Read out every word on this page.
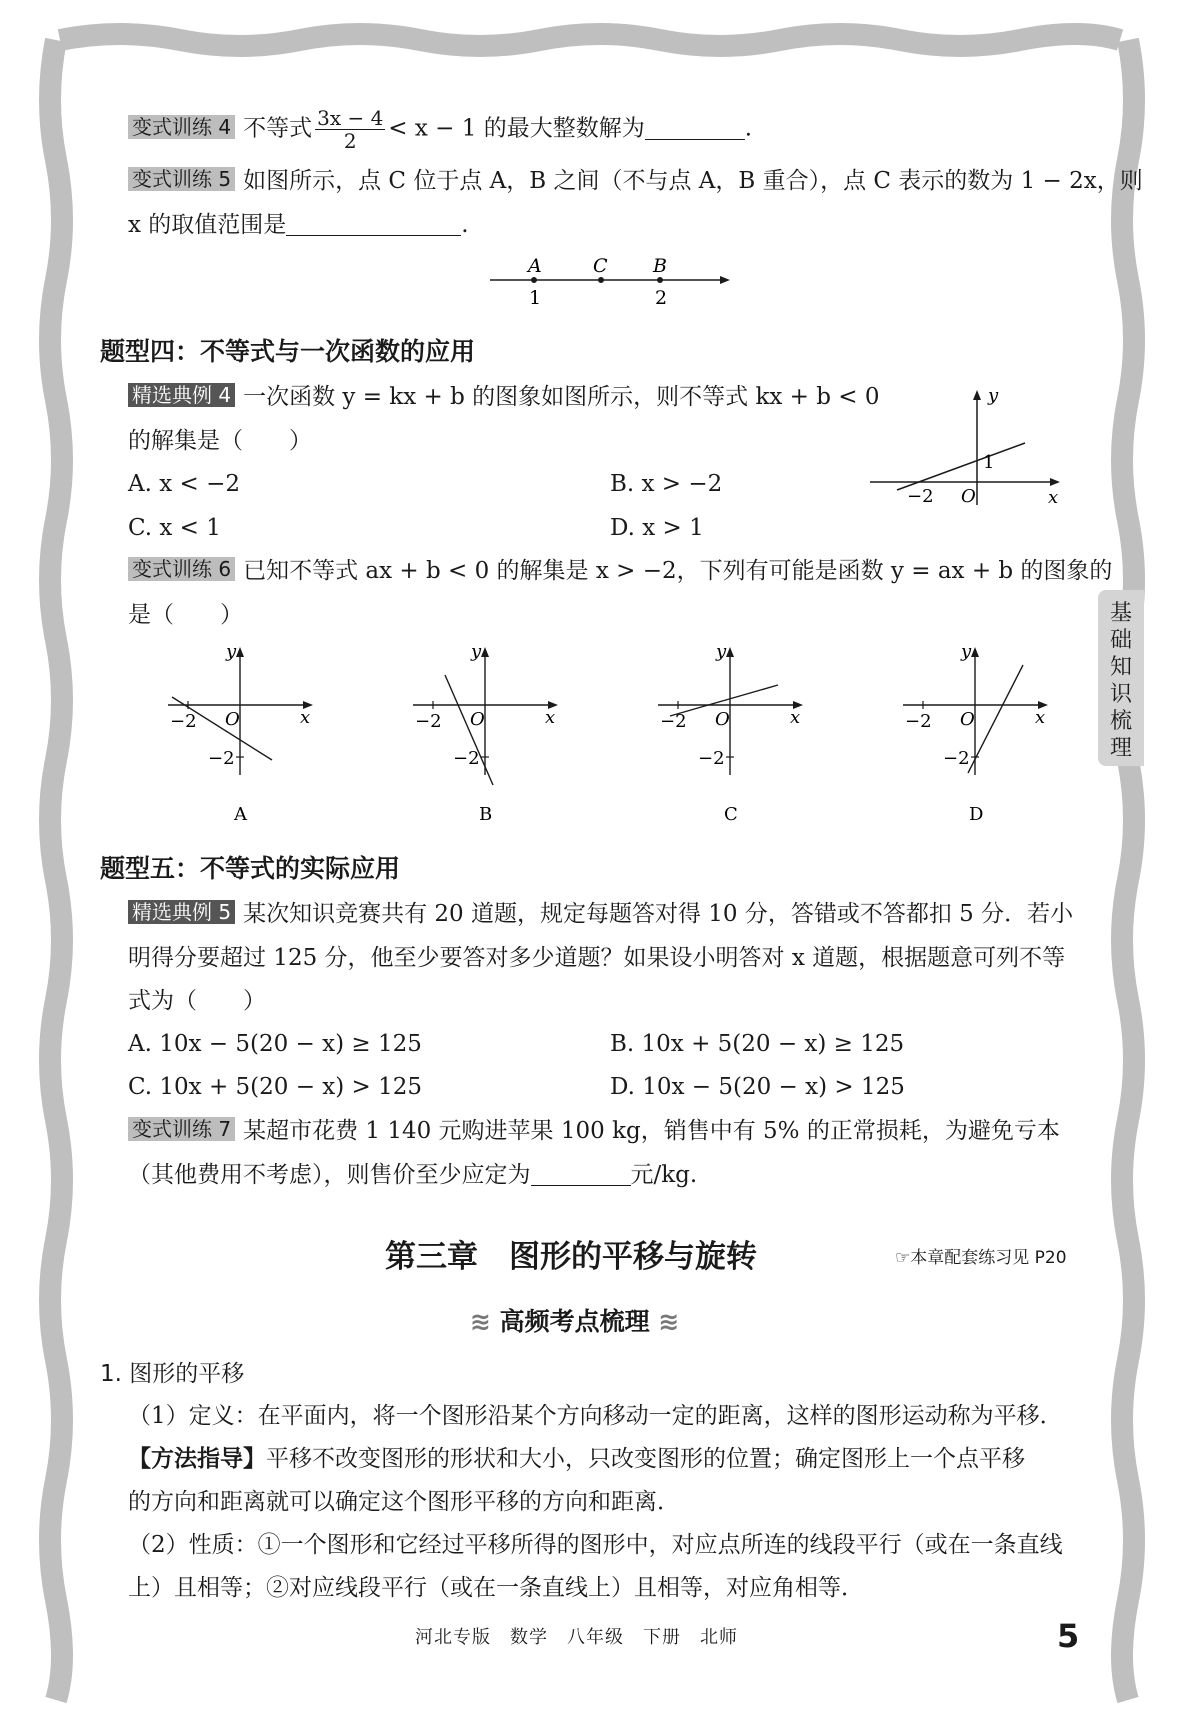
变式训练 4 不等式 $\frac{3x - 4}{2} < x - 1$ 的最大整数解为	.
变式训练 5 如图所示，点 C 位于点 A，B 之间（不与点 A，B 重合），点 C 表示的数为 1 − 2x，则
x 的取值范围是	.
A	C B
1	2
题型四：不等式与一次函数的应用
精选典例 4 一次函数 y = kx + b 的图象如图所示，则不等式 kx + b < 0
的解集是（　　）
A. x < −2	B. x > −2
C. x < 1	D. x > 1
y
x
O
1
−2
变式训练 6 已知不等式 ax + b < 0 的解集是 x > −2，下列有可能是函数 y = ax + b 的图象的
是（　　）
y
x
O
−2
−2
A
y
x
O
−2
−2
B
y
x
O
−2
−2
C
y
x
O
−2
−2
D
题型五：不等式的实际应用
精选典例 5 某次知识竞赛共有 20 道题，规定每题答对得 10 分，答错或不答都扣 5 分．若小
明得分要超过 125 分，他至少要答对多少道题？如果设小明答对 x 道题，根据题意可列不等
式为（　　）
A. 10x − 5(20 − x) ≥ 125	B. 10x + 5(20 − x) ≥ 125
C. 10x + 5(20 − x) > 125	D. 10x − 5(20 − x) > 125
变式训练 7 某超市花费 1 140 元购进苹果 100 kg，销售中有 5% 的正常损耗，为避免亏本
（其他费用不考虑），则售价至少应定为	元/kg.
第三章　图形的平移与旋转	☞本章配套练习见 P20
≋ 高频考点梳理 ≋
1. 图形的平移
（1）定义：在平面内，将一个图形沿某个方向移动一定的距离，这样的图形运动称为平移．
【方法指导】平移不改变图形的形状和大小，只改变图形的位置；确定图形上一个点平移
的方向和距离就可以确定这个图形平移的方向和距离．
（2）性质：①一个图形和它经过平移所得的图形中，对应点所连的线段平行（或在一条直线
上）且相等；②对应线段平行（或在一条直线上）且相等，对应角相等．
基
础
知
识
梳
理
河北专版　数学　八年级　下册　北师	5
